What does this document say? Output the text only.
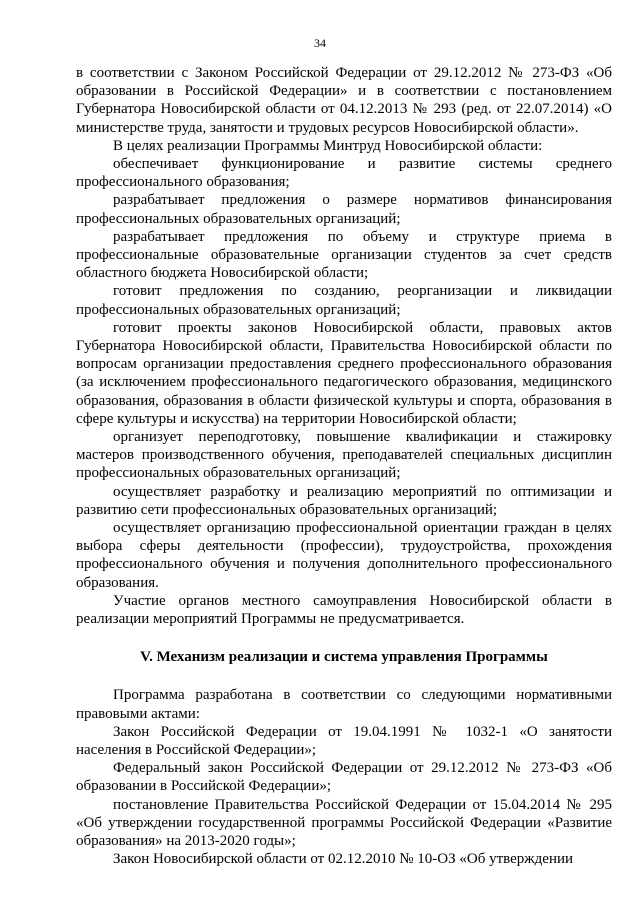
34

в соответствии с Законом Российской Федерации от 29.12.2012 № 273-ФЗ «Об образовании в Российской Федерации» и в соответствии с постановлением Губернатора Новосибирской области от 04.12.2013 № 293 (ред. от 22.07.2014) «О министерстве труда, занятости и трудовых ресурсов Новосибирской области».

В целях реализации Программы Минтруд Новосибирской области:

обеспечивает функционирование и развитие системы среднего профессионального образования;

разрабатывает предложения о размере нормативов финансирования профессиональных образовательных организаций;

разрабатывает предложения по объему и структуре приема в профессиональные образовательные организации студентов за счет средств областного бюджета Новосибирской области;

готовит предложения по созданию, реорганизации и ликвидации профессиональных образовательных организаций;

готовит проекты законов Новосибирской области, правовых актов Губернатора Новосибирской области, Правительства Новосибирской области по вопросам организации предоставления среднего профессионального образования (за исключением профессионального педагогического образования, медицинского образования, образования в области физической культуры и спорта, образования в сфере культуры и искусства) на территории Новосибирской области;

организует переподготовку, повышение квалификации и стажировку мастеров производственного обучения, преподавателей специальных дисциплин профессиональных образовательных организаций;

осуществляет разработку и реализацию мероприятий по оптимизации и развитию сети профессиональных образовательных организаций;

осуществляет организацию профессиональной ориентации граждан в целях выбора сферы деятельности (профессии), трудоустройства, прохождения профессионального обучения и получения дополнительного профессионального образования.

Участие органов местного самоуправления Новосибирской области в реализации мероприятий Программы не предусматривается.

V. Механизм реализации и система управления Программы

Программа разработана в соответствии со следующими нормативными правовыми актами:

Закон Российской Федерации от 19.04.1991 № 1032-1 «О занятости населения в Российской Федерации»;

Федеральный закон Российской Федерации от 29.12.2012 № 273-ФЗ «Об образовании в Российской Федерации»;

постановление Правительства Российской Федерации от 15.04.2014 № 295 «Об утверждении государственной программы Российской Федерации «Развитие образования» на 2013-2020 годы»;

Закон Новосибирской области от 02.12.2010 № 10-ОЗ «Об утверждении
